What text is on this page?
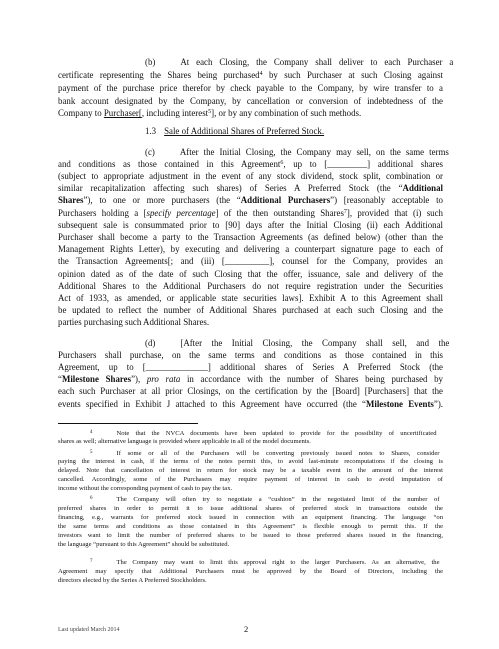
(b)	At each Closing, the Company shall deliver to each Purchaser a
certificate representing the Shares being purchased$^4$ by such Purchaser at such Closing against
payment of the purchase price therefor by check payable to the Company, by wire transfer to a
bank account designated by the Company, by cancellation or conversion of indebtedness of the
Company to Purchaser[, including interest$^5$], or by any combination of such methods.
1.3 Sale of Additional Shares of Preferred Stock.
(c)	After the Initial Closing, the Company may sell, on the same terms
and conditions as those contained in this Agreement$^6$, up to [_________] additional shares
(subject to appropriate adjustment in the event of any stock dividend, stock split, combination or
similar recapitalization affecting such shares) of Series A Preferred Stock (the “Additional
Shares”), to one or more purchasers (the “Additional Purchasers”) [reasonably acceptable to
Purchasers holding a [specify percentage] of the then outstanding Shares$^7$], provided that (i) such
subsequent sale is consummated prior to [90] days after the Initial Closing (ii) each Additional
Purchaser shall become a party to the Transaction Agreements (as defined below) (other than the
Management Rights Letter), by executing and delivering a counterpart signature page to each of
the Transaction Agreements[; and (iii) [__________], counsel for the Company, provides an
opinion dated as of the date of such Closing that the offer, issuance, sale and delivery of the
Additional Shares to the Additional Purchasers do not require registration under the Securities
Act of 1933, as amended, or applicable state securities laws]. Exhibit A to this Agreement shall
be updated to reflect the number of Additional Shares purchased at each such Closing and the
parties purchasing such Additional Shares.
(d)	[After the Initial Closing, the Company shall sell, and the
Purchasers shall purchase, on the same terms and conditions as those contained in this
Agreement, up to [______________] additional shares of Series A Preferred Stock (the
“Milestone Shares”), pro rata in accordance with the number of Shares being purchased by
each such Purchaser at all prior Closings, on the certification by the [Board] [Purchasers] that the
events specified in Exhibit J attached to this Agreement have occurred (the “Milestone Events”).
$^4$	Note that the NVCA documents have been updated to provide for the possibility of uncertificated
shares as well; alternative language is provided where applicable in all of the model documents.
$^5$	If some or all of the Purchasers will be converting previously issued notes to Shares, consider
paying the interest in cash, if the terms of the notes permit this, to avoid last-minute recomputations if the closing is
delayed. Note that cancellation of interest in return for stock may be a taxable event in the amount of the interest
cancelled. Accordingly, some of the Purchasers may require payment of interest in cash to avoid imputation of
income without the corresponding payment of cash to pay the tax.
$^6$	The Company will often try to negotiate a “cushion” in the negotiated limit of the number of
preferred shares in order to permit it to issue additional shares of preferred stock in transactions outside the
financing, e.g., warrants for preferred stock issued in connection with an equipment financing. The language “on
the same terms and conditions as those contained in this Agreement” is flexible enough to permit this. If the
investors want to limit the number of preferred shares to be issued to those preferred shares issued in the financing,
the language “pursuant to this Agreement” should be substituted.
$^7$	The Company may want to limit this approval right to the larger Purchasers. As an alternative, the
Agreement may specify that Additional Purchasers must be approved by the Board of Directors, including the
directors elected by the Series A Preferred Stockholders.
Last updated March 2014	2
